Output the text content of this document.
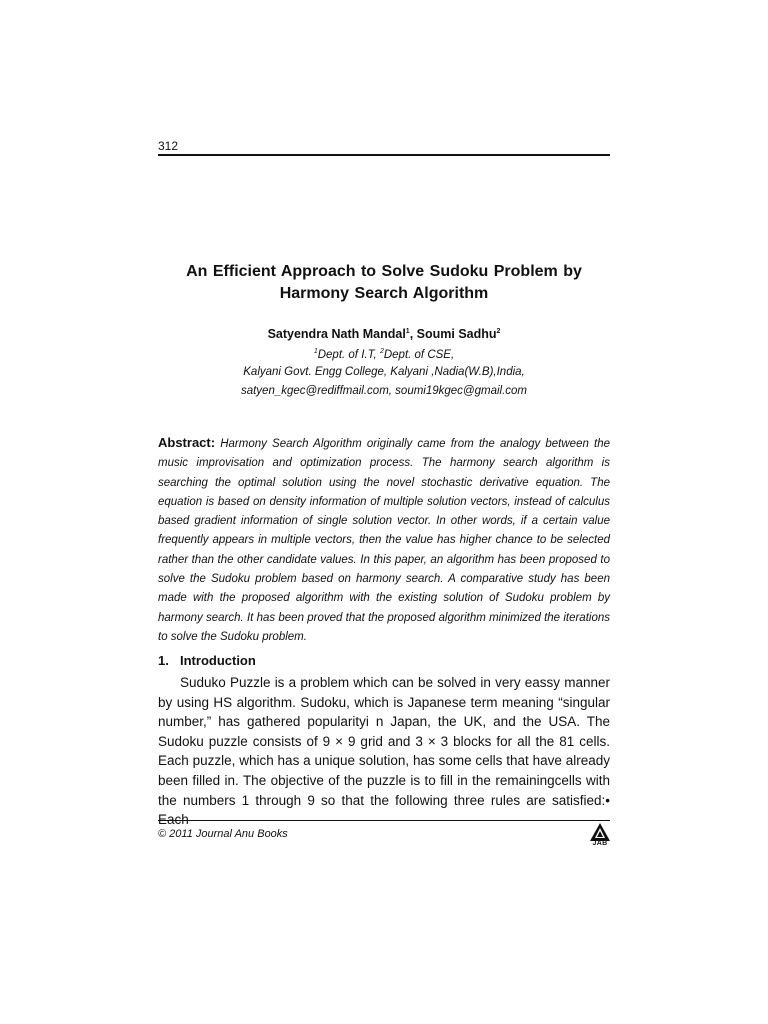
312
An Efficient Approach to Solve Sudoku Problem by
Harmony Search Algorithm
Satyendra Nath Mandal$^1$, Soumi Sadhu$^2$
$^1$Dept. of I.T, $^2$Dept. of CSE,
Kalyani Govt. Engg College, Kalyani ,Nadia(W.B),India,
satyen_kgec@rediffmail.com, soumi19kgec@gmail.com
Abstract: Harmony Search Algorithm originally came from the analogy between the music improvisation and optimization process. The harmony search algorithm is searching the optimal solution using the novel stochastic derivative equation. The equation is based on density information of multiple solution vectors, instead of calculus based gradient information of single solution vector. In other words, if a certain value frequently appears in multiple vectors, then the value has higher chance to be selected rather than the other candidate values. In this paper, an algorithm has been proposed to solve the Sudoku problem based on harmony search. A comparative study has been made with the proposed algorithm with the existing solution of Sudoku problem by harmony search. It has been proved that the proposed algorithm minimized the iterations to solve the Sudoku problem.
1. Introduction
Suduko Puzzle is a problem which can be solved in very eassy manner by using HS algorithm. Sudoku, which is Japanese term meaning “singular number,” has gathered popularityi n Japan, the UK, and the USA. The Sudoku puzzle consists of 9 × 9 grid and 3 × 3 blocks for all the 81 cells. Each puzzle, which has a unique solution, has some cells that have already been filled in. The objective of the puzzle is to fill in the remainingcells with the numbers 1 through 9 so that the following three rules are satisfied:• Each
© 2011 Journal Anu Books
JAB
